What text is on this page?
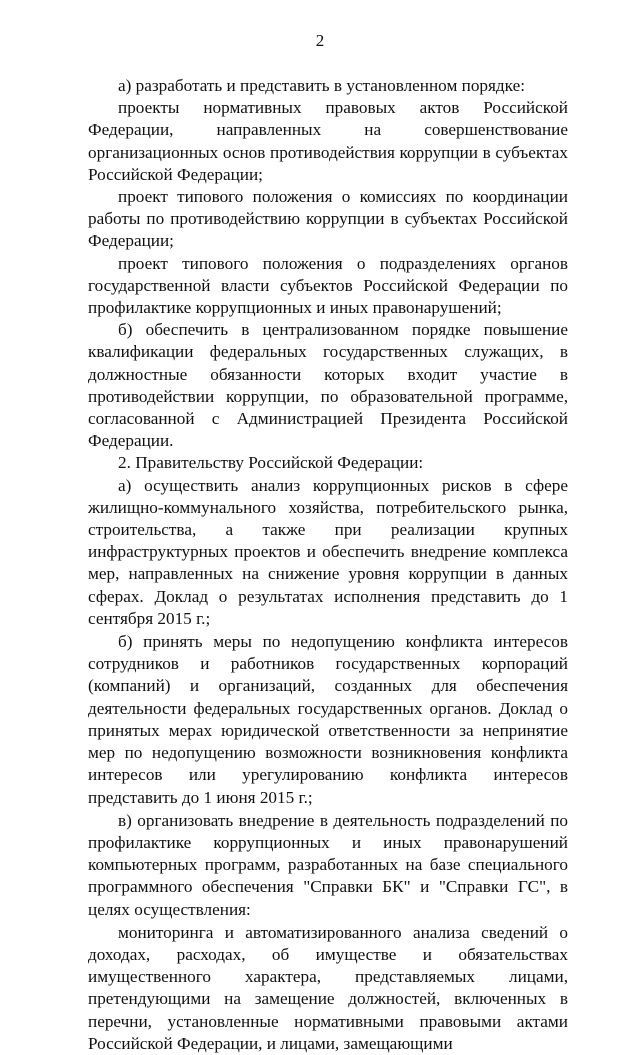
2

а) разработать и представить в установленном порядке:

проекты нормативных правовых актов Российской Федерации, направленных на совершенствование организационных основ противодействия коррупции в субъектах Российской Федерации;

проект типового положения о комиссиях по координации работы по противодействию коррупции в субъектах Российской Федерации;

проект типового положения о подразделениях органов государственной власти субъектов Российской Федерации по профилактике коррупционных и иных правонарушений;

б) обеспечить в централизованном порядке повышение квалификации федеральных государственных служащих, в должностные обязанности которых входит участие в противодействии коррупции, по образовательной программе, согласованной с Администрацией Президента Российской Федерации.

2. Правительству Российской Федерации:

а) осуществить анализ коррупционных рисков в сфере жилищно-коммунального хозяйства, потребительского рынка, строительства, а также при реализации крупных инфраструктурных проектов и обеспечить внедрение комплекса мер, направленных на снижение уровня коррупции в данных сферах. Доклад о результатах исполнения представить до 1 сентября 2015 г.;

б) принять меры по недопущению конфликта интересов сотрудников и работников государственных корпораций (компаний) и организаций, созданных для обеспечения деятельности федеральных государственных органов. Доклад о принятых мерах юридической ответственности за непринятие мер по недопущению возможности возникновения конфликта интересов или урегулированию конфликта интересов представить до 1 июня 2015 г.;

в) организовать внедрение в деятельность подразделений по профилактике коррупционных и иных правонарушений компьютерных программ, разработанных на базе специального программного обеспечения "Справки БК" и "Справки ГС", в целях осуществления:

мониторинга и автоматизированного анализа сведений о доходах, расходах, об имуществе и обязательствах имущественного характера, представляемых лицами, претендующими на замещение должностей, включенных в перечни, установленные нормативными правовыми актами Российской Федерации, и лицами, замещающими
